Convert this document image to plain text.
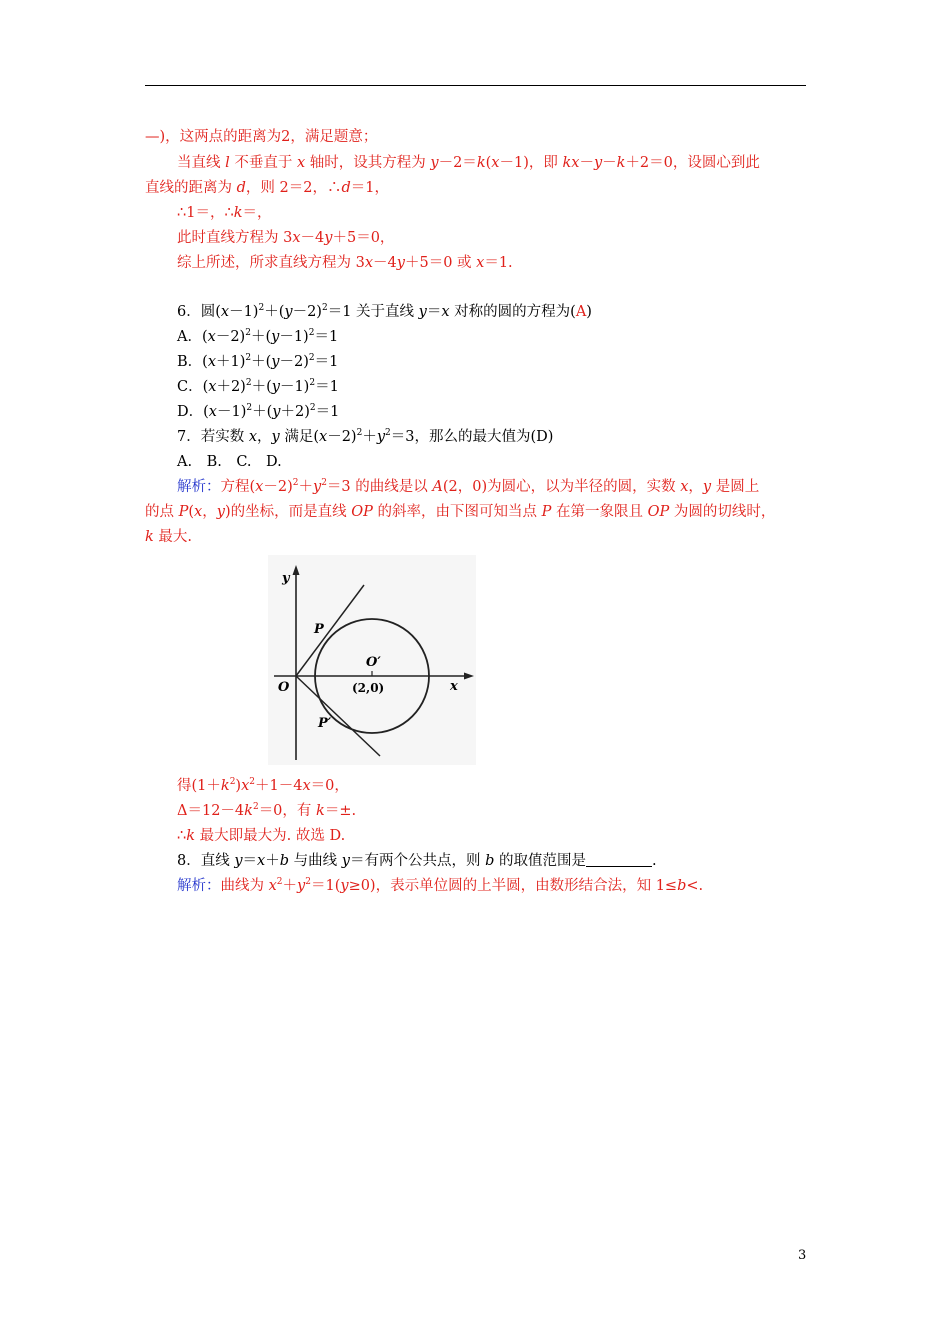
—)，这两点的距离为2，满足题意；
当直线 l 不垂直于 x 轴时，设其方程为 y－2＝k(x－1)，即 kx－y－k＋2＝0，设圆心到此
直线的距离为 d，则 2＝2，∴d＝1，
∴1＝，∴k＝，
此时直线方程为 3x－4y＋5＝0，
综上所述，所求直线方程为 3x－4y＋5＝0 或 x＝1.
6．圆$(x-1)^2+(y-2)^2=1$ 关于直线 y＝x 对称的圆的方程为(A)
A．$(x-2)^2+(y-1)^2=1$
B．$(x+1)^2+(y-2)^2=1$
C．$(x+2)^2+(y-1)^2=1$
D．$(x-1)^2+(y+2)^2=1$
7．若实数 x，y 满足$(x-2)^2+y^2=3$，那么的最大值为(D)
A.　B.　C.　D.
解析：方程$(x-2)^2+y^2=3$ 的曲线是以 A(2，0)为圆心，以为半径的圆，实数 x，y 是圆上
的点 P(x，y)的坐标，而是直线 OP 的斜率，由下图可知当点 P 在第一象限且 OP 为圆的切线时，
k 最大.
y
x
O
O′
(2,0)
P
P′
得$(1+k^2)x^2+1-4x=0$，
$\Delta=12-4k^2=0$，有 k＝±.
∴k 最大即最大为. 故选 D.
8．直线 y＝x＋b 与曲线 y＝有两个公共点，则 b 的取值范围是	.
解析：曲线为 $x^2+y^2=1(y\ge 0)$，表示单位圆的上半圆，由数形结合法，知 1≤b<.
3
